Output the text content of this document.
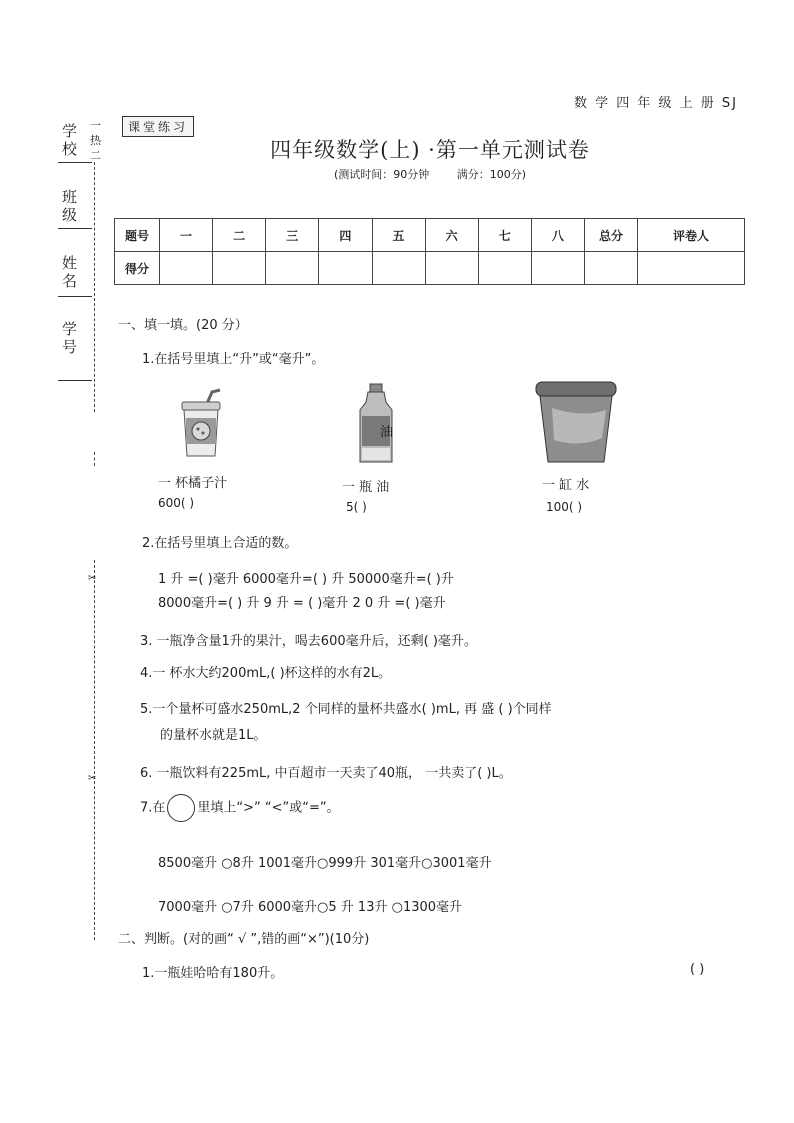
数 学 四 年 级 上 册 SJ
课堂练习
四年级数学(上) ·第一单元测试卷
(测试时间：90分钟	满分：100分)
学
校
班
级
姓
名
学
号
一
热
二
✂
✂
题号	一	二	三	四	五	六	七	八	总分	评卷人
得分										
一、填一填。(20 分）
1.在括号里填上“升”或“毫升”。
油
一 杯橘子汁
600( )
一 瓶 油
5( )
一 缸 水
100( )
2.在括号里填上合适的数。
1 升 =( )毫升 6000毫升=( ) 升 50000毫升=( )升
8000毫升=( ) 升 9 升 = ( )毫升 2 0 升 =( )毫升
3. 一瓶净含量1升的果汁，喝去600毫升后，还剩( )毫升。
4.一 杯水大约200mL,( )杯这样的水有2L。
5.一个量杯可盛水250mL,2 个同样的量杯共盛水( )mL, 再 盛 ( )个同样
的量杯水就是1L。
6. 一瓶饮料有225mL, 中百超市一天卖了40瓶， 一共卖了( )L。
7.在 里填上“>” “<”或“=”。
8500毫升 ○8升 1001毫升○999升 301毫升○3001毫升
7000毫升 ○7升 6000毫升○5 升 13升 ○1300毫升
二、判断。(对的画“ √ ”,错的画“×”)(10分)
1.一瓶娃哈哈有180升。	( )
